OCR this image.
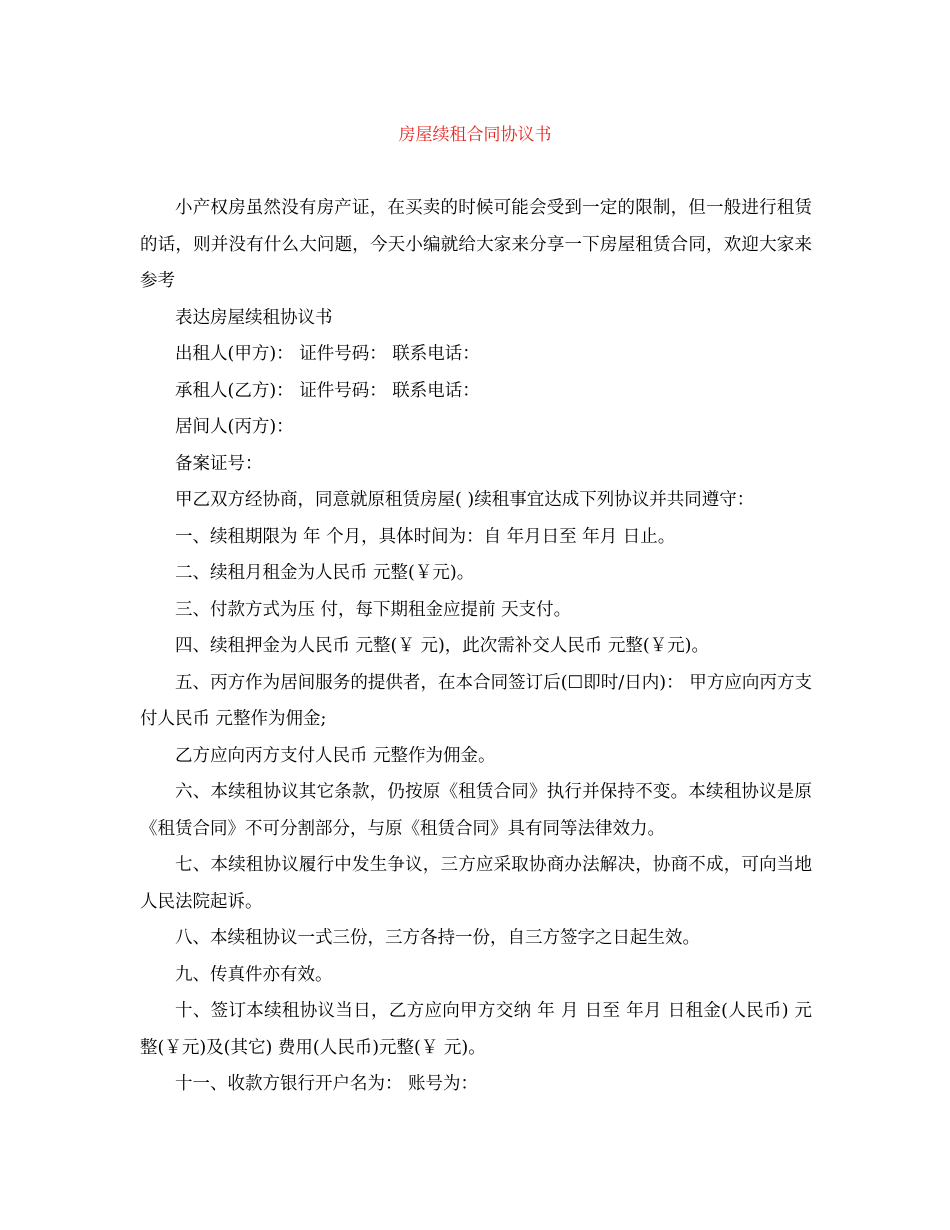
房屋续租合同协议书

小产权房虽然没有房产证，在买卖的时候可能会受到一定的限制，但一般进行租赁的话，则并没有什么大问题，今天小编就给大家来分享一下房屋租赁合同，欢迎大家来参考

表达房屋续租协议书

出租人(甲方)： 证件号码： 联系电话：

承租人(乙方)： 证件号码： 联系电话：

居间人(丙方)：

备案证号：

甲乙双方经协商，同意就原租赁房屋( )续租事宜达成下列协议并共同遵守：

一、续租期限为 年 个月，具体时间为：自 年月日至 年月 日止。

二、续租月租金为人民币 元整(￥元)。

三、付款方式为压 付，每下期租金应提前 天支付。

四、续租押金为人民币 元整(￥ 元)，此次需补交人民币 元整(￥元)。

五、丙方作为居间服务的提供者，在本合同签订后(☐即时/日内)： 甲方应向丙方支付人民币 元整作为佣金;

乙方应向丙方支付人民币 元整作为佣金。

六、本续租协议其它条款，仍按原《租赁合同》执行并保持不变。本续租协议是原《租赁合同》不可分割部分，与原《租赁合同》具有同等法律效力。

七、本续租协议履行中发生争议，三方应采取协商办法解决，协商不成，可向当地人民法院起诉。

八、本续租协议一式三份，三方各持一份，自三方签字之日起生效。

九、传真件亦有效。

十、签订本续租协议当日，乙方应向甲方交纳 年 月 日至 年月 日租金(人民币) 元整(￥元)及(其它) 费用(人民币)元整(￥ 元)。

十一、收款方银行开户名为： 账号为：
